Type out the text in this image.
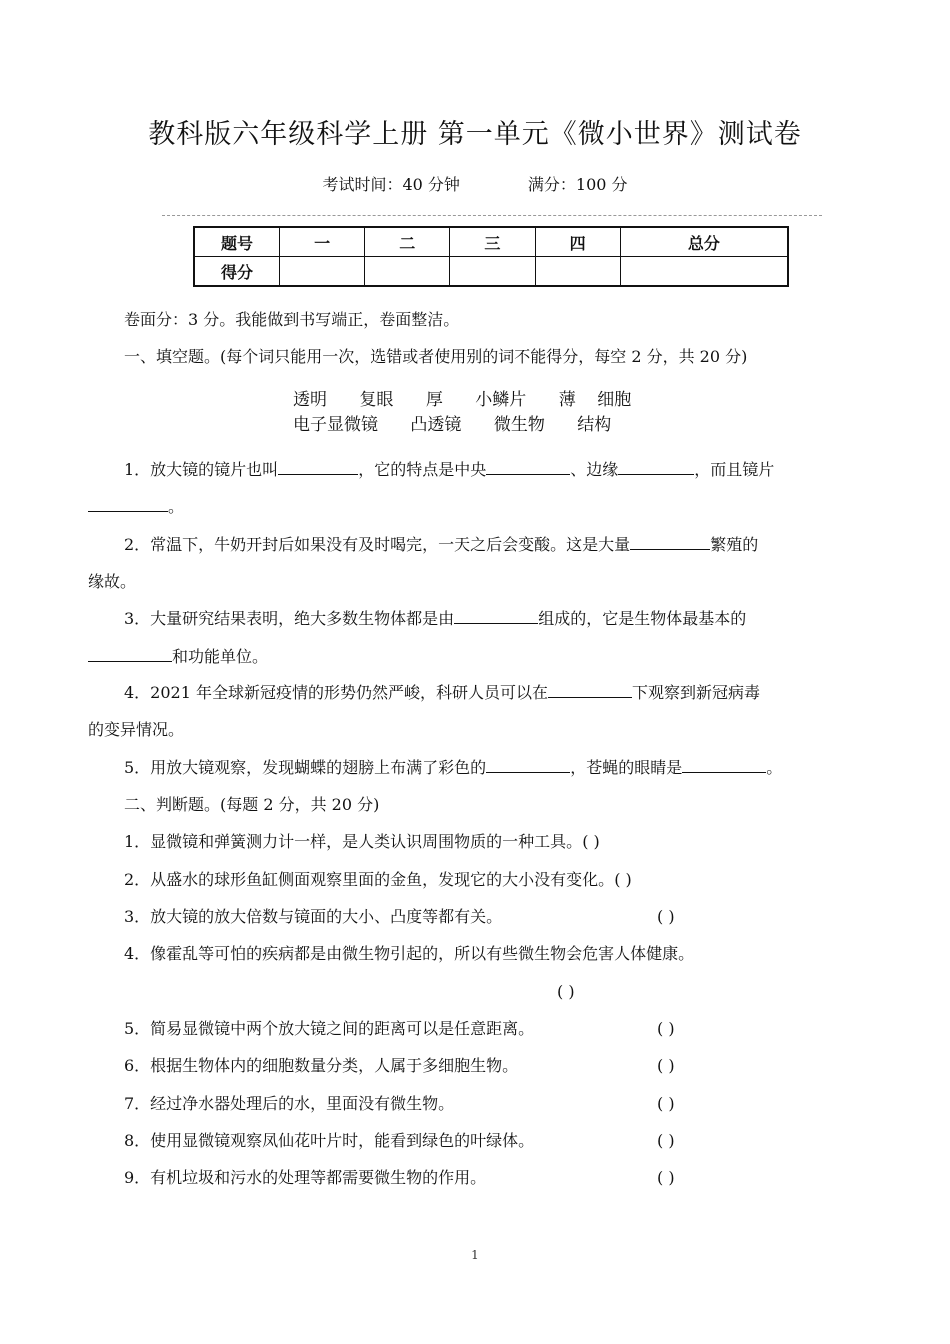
教科版六年级科学上册 第一单元《微小世界》测试卷
考试时间：40 分钟	满分：100 分
题号	一	二	三	四	总分
得分					
卷面分：3 分。我能做到书写端正，卷面整洁。
一、填空题。(每个词只能用一次，选错或者使用别的词不能得分，每空 2 分，共 20 分)
透明      复眼      厚      小鳞片      薄    细胞
电子显微镜      凸透镜      微生物      结构
1．放大镜的镜片也叫	，它的特点是中央	、边缘	，而且镜片
。
2．常温下，牛奶开封后如果没有及时喝完，一天之后会变酸。这是大量	繁殖的
缘故。
3．大量研究结果表明，绝大多数生物体都是由	组成的，它是生物体最基本的
和功能单位。
4．2021 年全球新冠疫情的形势仍然严峻，科研人员可以在	下观察到新冠病毒
的变异情况。
5．用放大镜观察，发现蝴蝶的翅膀上布满了彩色的	，苍蝇的眼睛是	。
二、判断题。(每题 2 分，共 20 分)
1．显微镜和弹簧测力计一样，是人类认识周围物质的一种工具。( )
2．从盛水的球形鱼缸侧面观察里面的金鱼，发现它的大小没有变化。( )
3．放大镜的放大倍数与镜面的大小、凸度等都有关。	( )
4．像霍乱等可怕的疾病都是由微生物引起的，所以有些微生物会危害人体健康。
( )
5．简易显微镜中两个放大镜之间的距离可以是任意距离。	( )
6．根据生物体内的细胞数量分类，人属于多细胞生物。	( )
7．经过净水器处理后的水，里面没有微生物。	( )
8．使用显微镜观察凤仙花叶片时，能看到绿色的叶绿体。	( )
9．有机垃圾和污水的处理等都需要微生物的作用。	( )
1
